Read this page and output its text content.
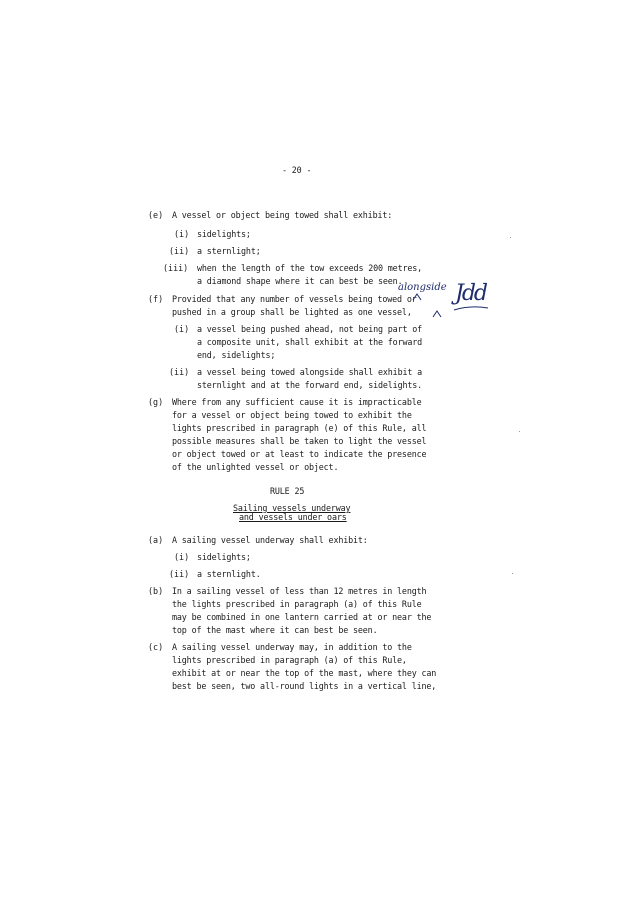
- 20 -
(e) A vessel or object being towed shall exhibit:
(i) sidelights;
(ii) a sternlight;
(iii) when the length of the tow exceeds 200 metres,
a diamond shape where it can best be seen.
(f) Provided that any number of vessels being towed or
pushed in a group shall be lighted as one vessel,
(i) a vessel being pushed ahead, not being part of
a composite unit, shall exhibit at the forward
end, sidelights;
(ii) a vessel being towed alongside shall exhibit a
sternlight and at the forward end, sidelights.
(g) Where from any sufficient cause it is impracticable
for a vessel or object being towed to exhibit the
lights prescribed in paragraph (e) of this Rule, all
possible measures shall be taken to light the vessel
or object towed or at least to indicate the presence
of the unlighted vessel or object.
RULE 25
Sailing vessels underway
and vessels under oars
(a) A sailing vessel underway shall exhibit:
(i) sidelights;
(ii) a sternlight.
(b) In a sailing vessel of less than 12 metres in length
the lights prescribed in paragraph (a) of this Rule
may be combined in one lantern carried at or near the
top of the mast where it can best be seen.
(c) A sailing vessel underway may, in addition to the
lights prescribed in paragraph (a) of this Rule,
exhibit at or near the top of the mast, where they can
best be seen, two all-round lights in a vertical line,
alongside Jdd
